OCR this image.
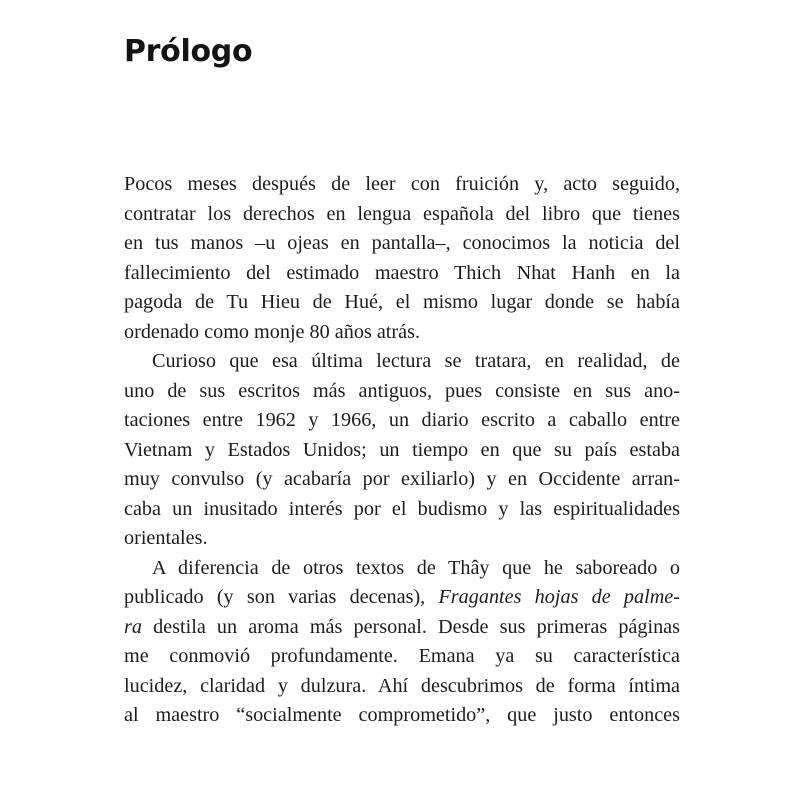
Prólogo
Pocos meses después de leer con fruición y, acto seguido,
contratar los derechos en lengua española del libro que tienes
en tus manos –u ojeas en pantalla–, conocimos la noticia del
fallecimiento del estimado maestro Thich Nhat Hanh en la
pagoda de Tu Hieu de Hué, el mismo lugar donde se había
ordenado como monje 80 años atrás.
Curioso que esa última lectura se tratara, en realidad, de
uno de sus escritos más antiguos, pues consiste en sus ano-
taciones entre 1962 y 1966, un diario escrito a caballo entre
Vietnam y Estados Unidos; un tiempo en que su país estaba
muy convulso (y acabaría por exiliarlo) y en Occidente arran-
caba un inusitado interés por el budismo y las espiritualidades
orientales.
A diferencia de otros textos de Thây que he saboreado o
publicado (y son varias decenas), Fragantes hojas de palme-
ra destila un aroma más personal. Desde sus primeras páginas
me conmovió profundamente. Emana ya su característica
lucidez, claridad y dulzura. Ahí descubrimos de forma íntima
al maestro “socialmente comprometido”, que justo entonces
